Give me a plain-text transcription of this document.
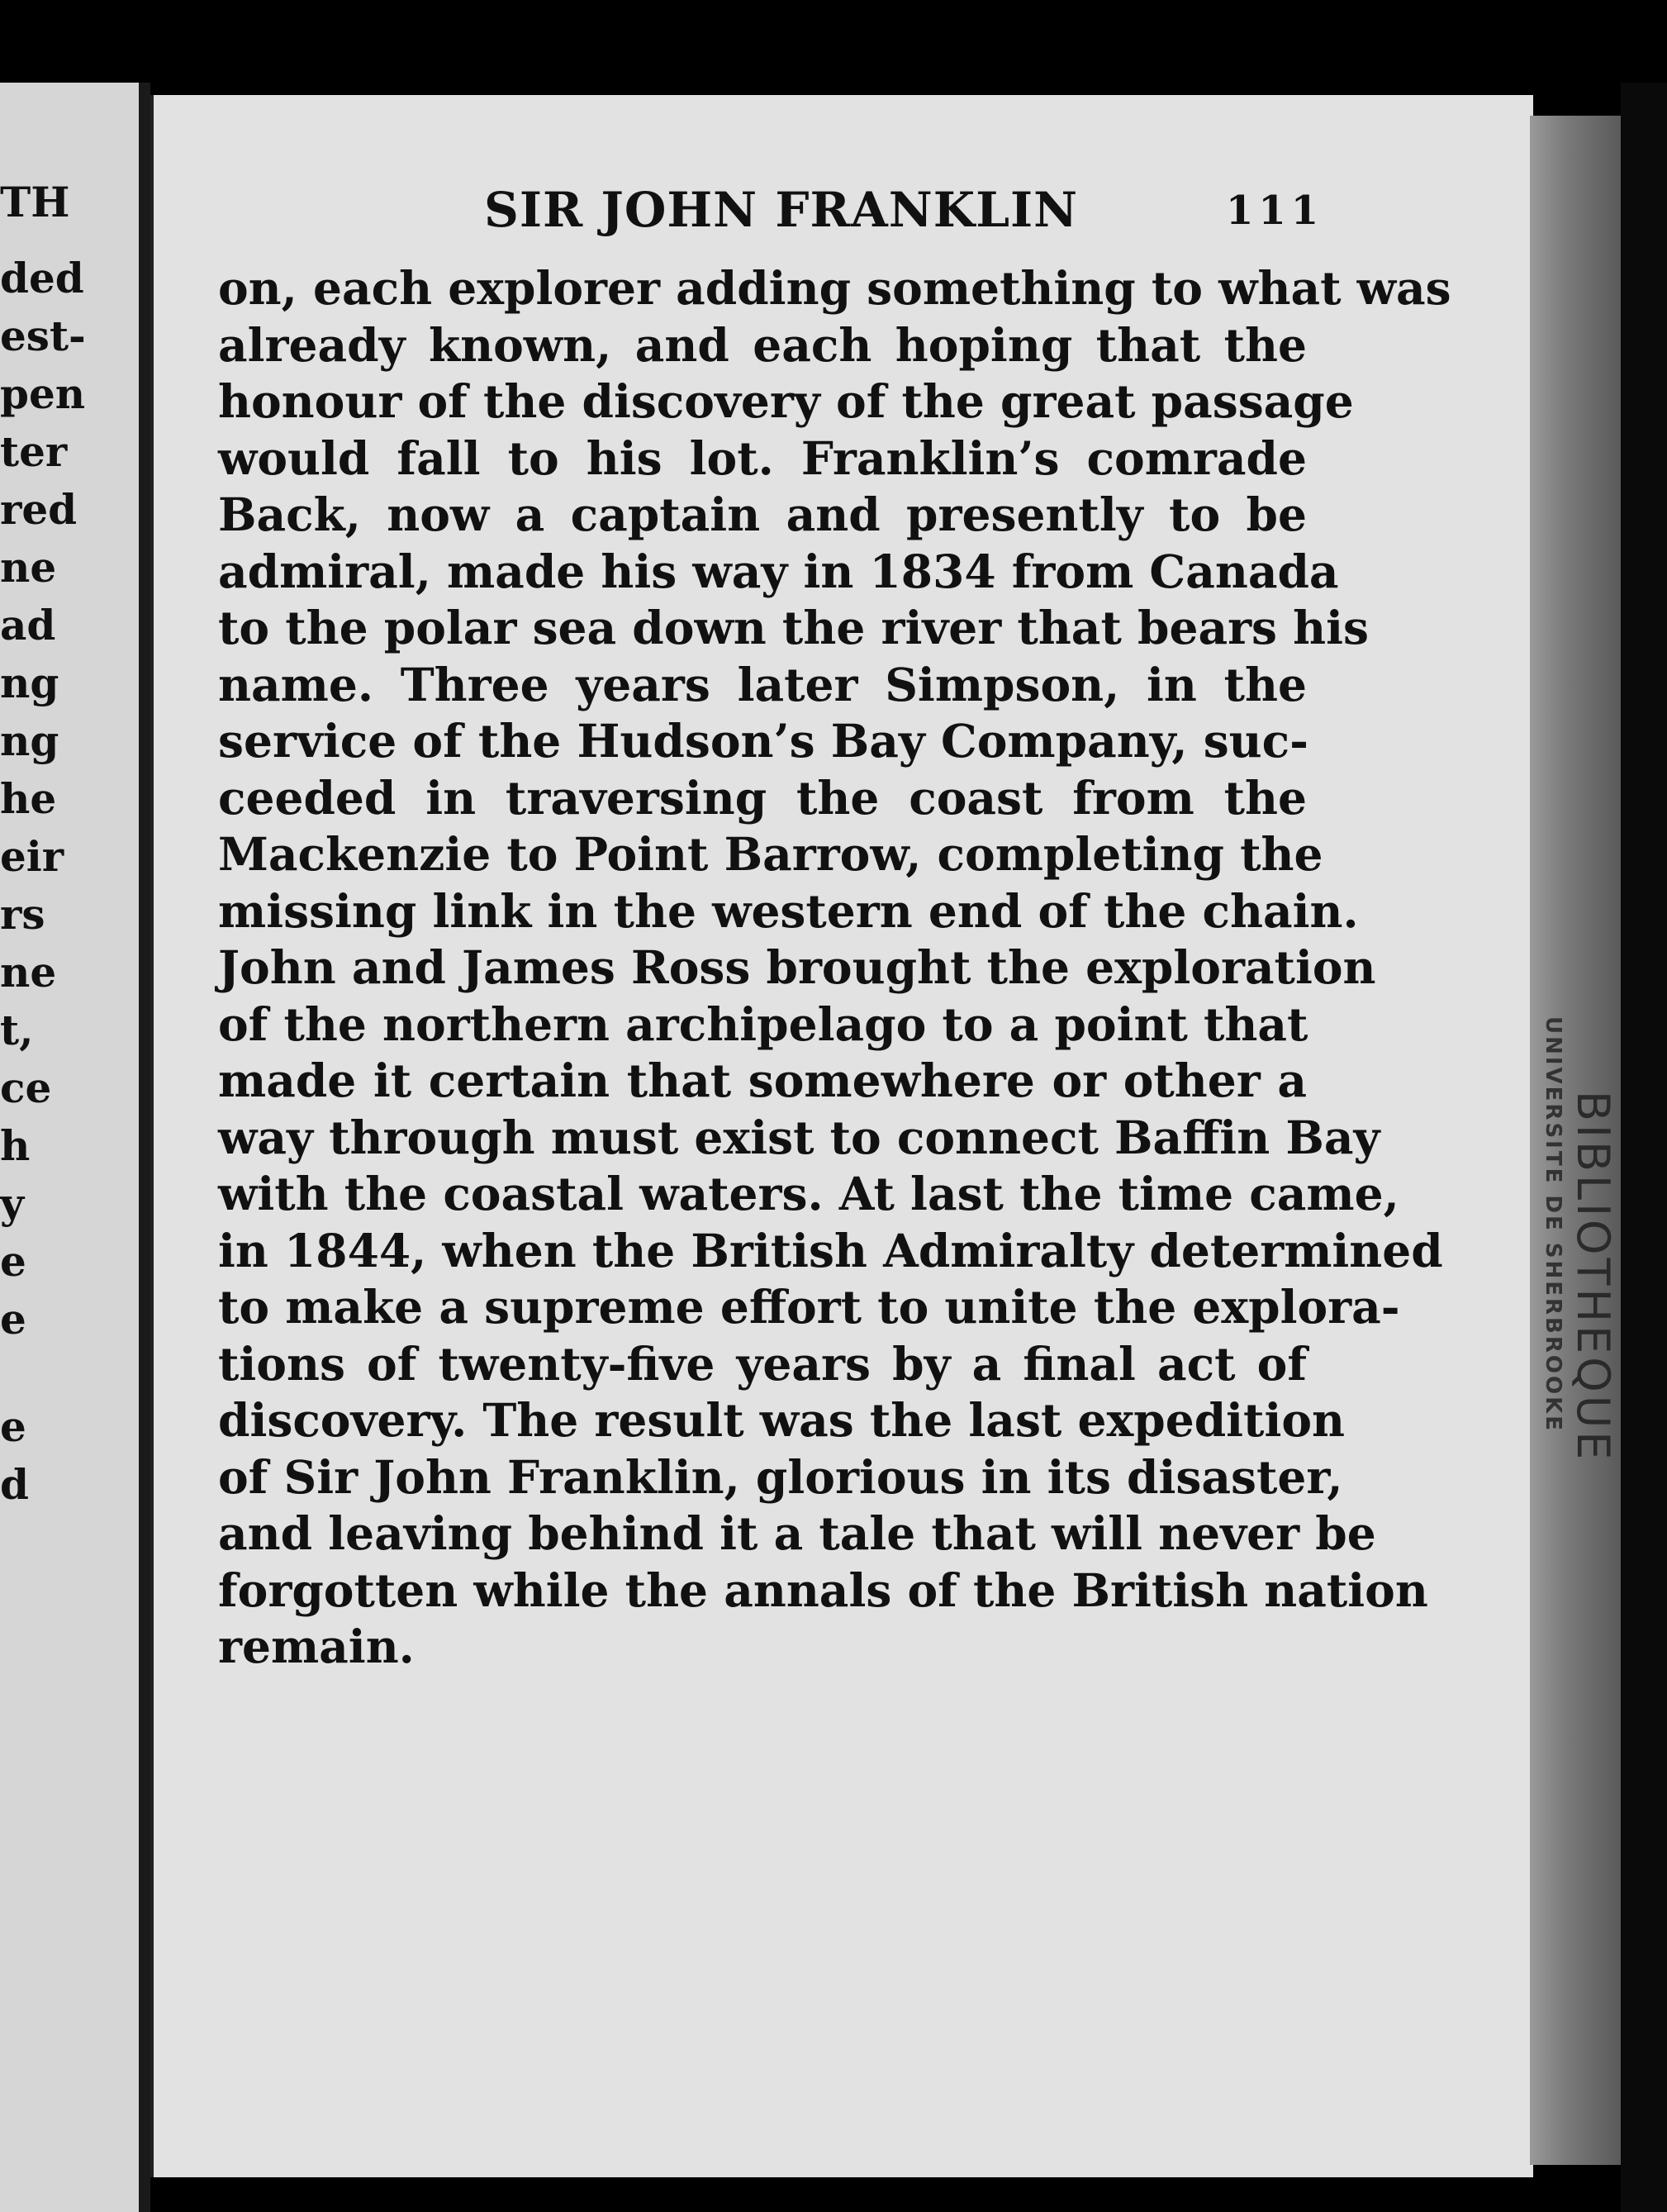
TH
ded
est-
pen
ter
red
ne
ad
ng
ng
he
eir
rs
ne
t,
ce
h
y
e
e
e
d
SIR JOHN FRANKLIN	111
on, each explorer adding something to what was
already known, and each hoping that the
honour of the discovery of the great passage
would fall to his lot. Franklin’s comrade
Back, now a captain and presently to be
admiral, made his way in 1834 from Canada
to the polar sea down the river that bears his
name. Three years later Simpson, in the
service of the Hudson’s Bay Company, suc-
ceeded in traversing the coast from the
Mackenzie to Point Barrow, completing the
missing link in the western end of the chain.
John and James Ross brought the exploration
of the northern archipelago to a point that
made it certain that somewhere or other a
way through must exist to connect Baffin Bay
with the coastal waters. At last the time came,
in 1844, when the British Admiralty determined
to make a supreme effort to unite the explora-
tions of twenty-five years by a final act of
discovery. The result was the last expedition
of Sir John Franklin, glorious in its disaster,
and leaving behind it a tale that will never be
forgotten while the annals of the British nation
remain.
UNIVERSITE DE SHERBROOKE BIBLIOTHEQUE
